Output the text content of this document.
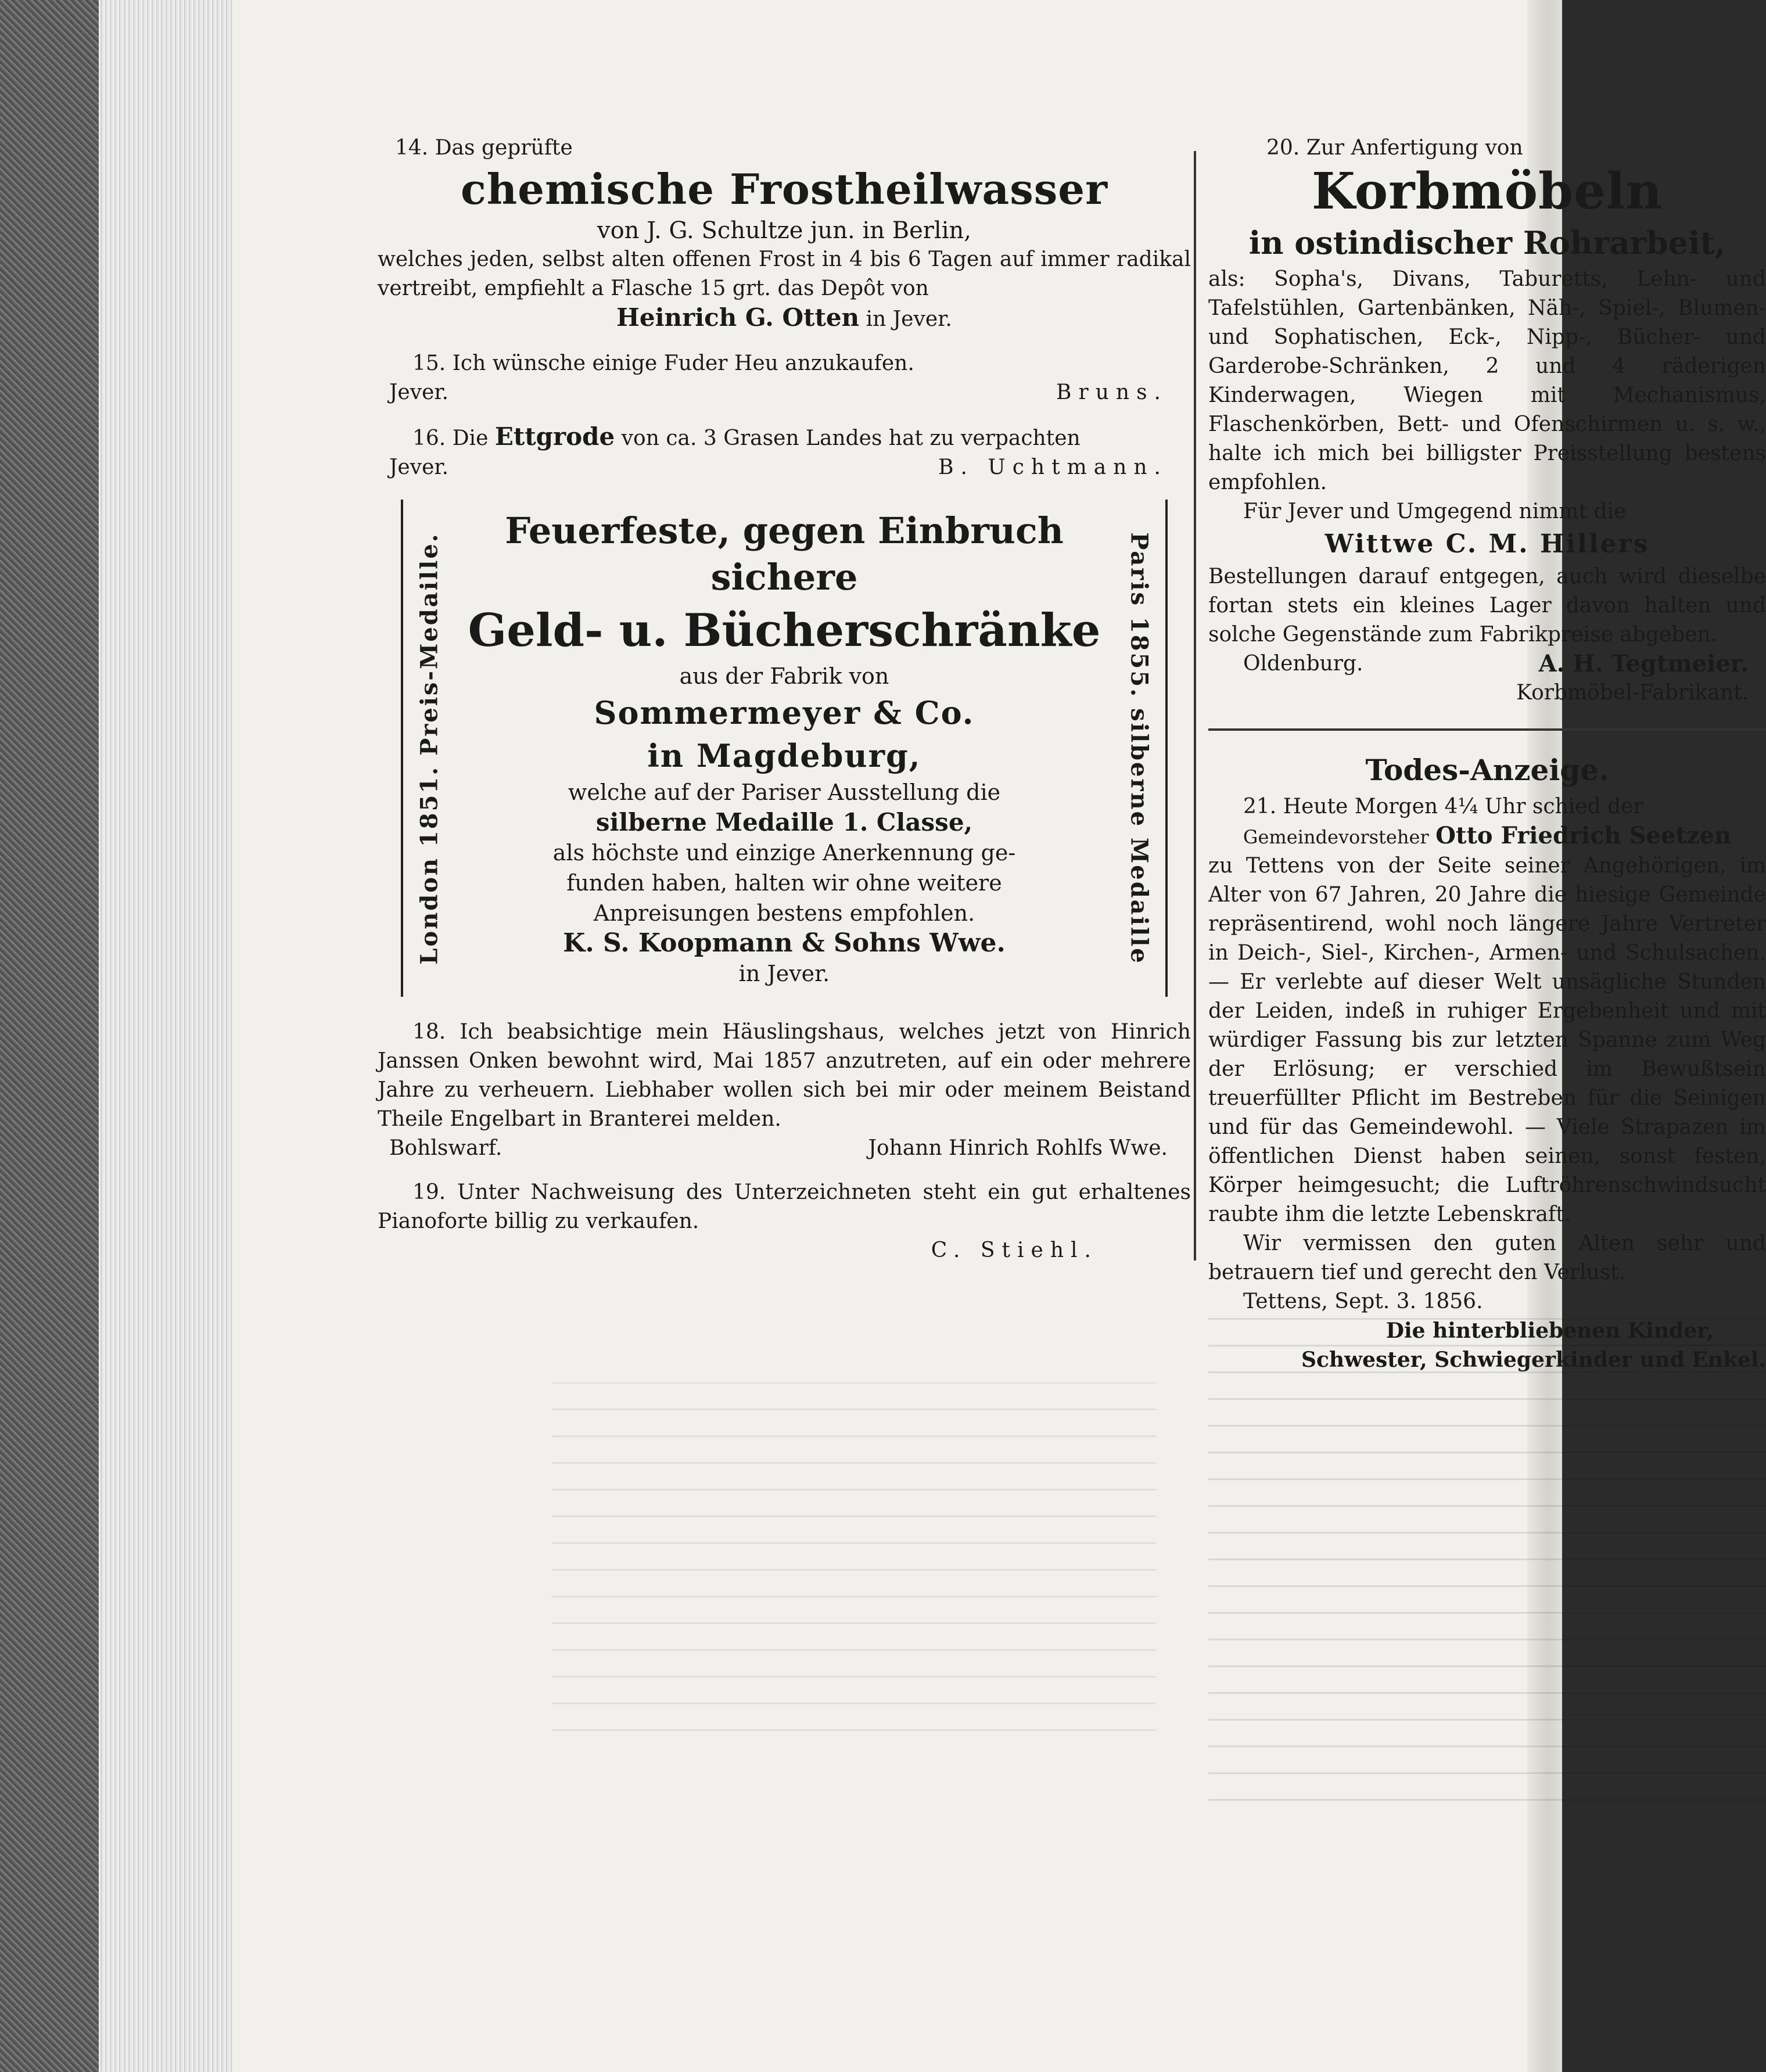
14. Das geprüfte

chemische Frostheilwasser

von J. G. Schultze jun. in Berlin,

welches jeden, selbst alten offenen Frost in 4 bis 6 Tagen auf immer radikal vertreibt, empfiehlt a Flasche 15 grt. das Depôt von

Heinrich G. Otten in Jever.

15. Ich wünsche einige Fuder Heu anzukaufen.

Jever.	Bruns.

16. Die Ettgrode von ca. 3 Grasen Landes hat zu verpachten

Jever.	B. Uchtmann.
London 1851. Preis-Medaille.	Paris 1855. silberne Medaille

Feuerfeste, gegen Einbruch

sichere

Geld- u. Bücherschränke

aus der Fabrik von

Sommermeyer & Co.

in Magdeburg,

welche auf der Pariser Ausstellung die

silberne Medaille 1. Classe,

als höchste und einzige Anerkennung ge-

funden haben, halten wir ohne weitere

Anpreisungen bestens empfohlen.

K. S. Koopmann & Sohns Wwe.

in Jever.

18. Ich beabsichtige mein Häuslingshaus, welches jetzt von Hinrich Janssen Onken bewohnt wird, Mai 1857 anzutreten, auf ein oder mehrere Jahre zu verheuern. Liebhaber wollen sich bei mir oder meinem Beistand Theile Engelbart in Branterei melden.

Bohlswarf.	Johann Hinrich Rohlfs Wwe.

19. Unter Nachweisung des Unterzeichneten steht ein gut erhaltenes Pianoforte billig zu verkaufen.

C. Stiehl.

20. Zur Anfertigung von

Korbmöbeln

in ostindischer Rohrarbeit,

als: Sopha's, Divans, Taburetts, Lehn- und Tafelstühlen, Gartenbänken, Näh-, Spiel-, Blumen- und Sophatischen, Eck-, Nipp-, Bücher- und Garderobe-Schränken, 2 und 4 räderigen Kinderwagen, Wiegen mit Mechanismus, Flaschenkörben, Bett- und Ofenschirmen u. s. w., halte ich mich bei billigster Preisstellung bestens empfohlen.

Für Jever und Umgegend nimmt die

Wittwe C. M. Hillers

Bestellungen darauf entgegen, auch wird dieselbe fortan stets ein kleines Lager davon halten und solche Gegenstände zum Fabrikpreise abgeben.

Oldenburg.	A. H. Tegtmeier.

Korbmöbel-Fabrikant.

Todes-Anzeige.

21. Heute Morgen 4¼ Uhr schied der

Gemeindevorsteher Otto Friedrich Seetzen

zu Tettens von der Seite seiner Angehörigen, im Alter von 67 Jahren, 20 Jahre die hiesige Gemeinde repräsentirend, wohl noch längere Jahre Vertreter in Deich-, Siel-, Kirchen-, Armen- und Schulsachen. — Er verlebte auf dieser Welt unsägliche Stunden der Leiden, indeß in ruhiger Ergebenheit und mit würdiger Fassung bis zur letzten Spanne zum Weg der Erlösung; er verschied im Bewußtsein treuerfüllter Pflicht im Bestreben für die Seinigen und für das Gemeindewohl. — Viele Strapazen im öffentlichen Dienst haben seinen, sonst festen, Körper heimgesucht; die Luftröhrenschwindsucht raubte ihm die letzte Lebenskraft.

Wir vermissen den guten Alten sehr und betrauern tief und gerecht den Verlust.

Tettens, Sept. 3. 1856.

Die hinterbliebenen Kinder,

Schwester, Schwiegerkinder und Enkel.
